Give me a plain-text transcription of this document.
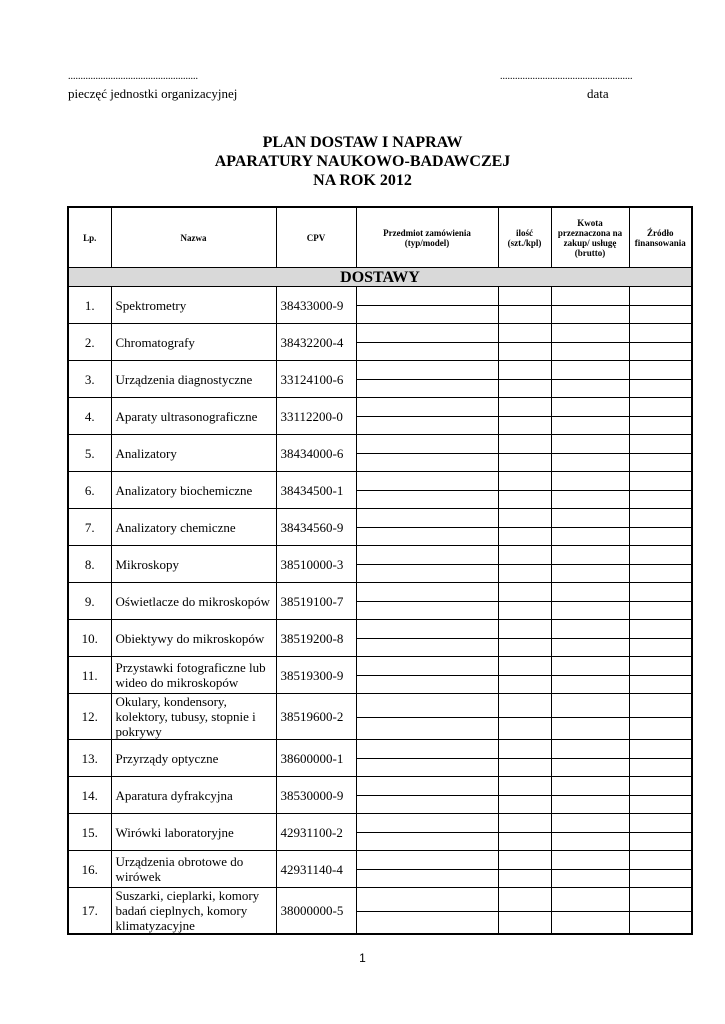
....................................................
pieczęć jednostki organizacyjnej
.....................................................
data
PLAN DOSTAW I NAPRAW
APARATURY NAUKOWO-BADAWCZEJ
NA ROK 2012
Lp.	Nazwa	CPV	Przedmiot zamówienia (typ/model)	ilość (szt./kpl)	Kwota przeznaczona na zakup/ usługę (brutto)	Źródło finansowania
DOSTAWY						
1.	Spektrometry	38433000-9	

2.	Chromatografy	38432200-4	

3.	Urządzenia diagnostyczne	33124100-6	

4.	Aparaty ultrasonograficzne	33112200-0	

5.	Analizatory	38434000-6	

6.	Analizatory biochemiczne	38434500-1	

7.	Analizatory chemiczne	38434560-9	

8.	Mikroskopy	38510000-3	

9.	Oświetlacze do mikroskopów	38519100-7	

10.	Obiektywy do mikroskopów	38519200-8	

11.	Przystawki fotograficzne lub wideo do mikroskopów	38519300-9	

12.	Okulary, kondensory, kolektory, tubusy, stopnie i pokrywy	38519600-2	

13.	Przyrządy optyczne	38600000-1	

14.	Aparatura dyfrakcyjna	38530000-9	

15.	Wirówki laboratoryjne	42931100-2	

16.	Urządzenia obrotowe do wirówek	42931140-4	

17.	Suszarki, cieplarki, komory badań cieplnych, komory klimatyzacyjne	38000000-5	

1
